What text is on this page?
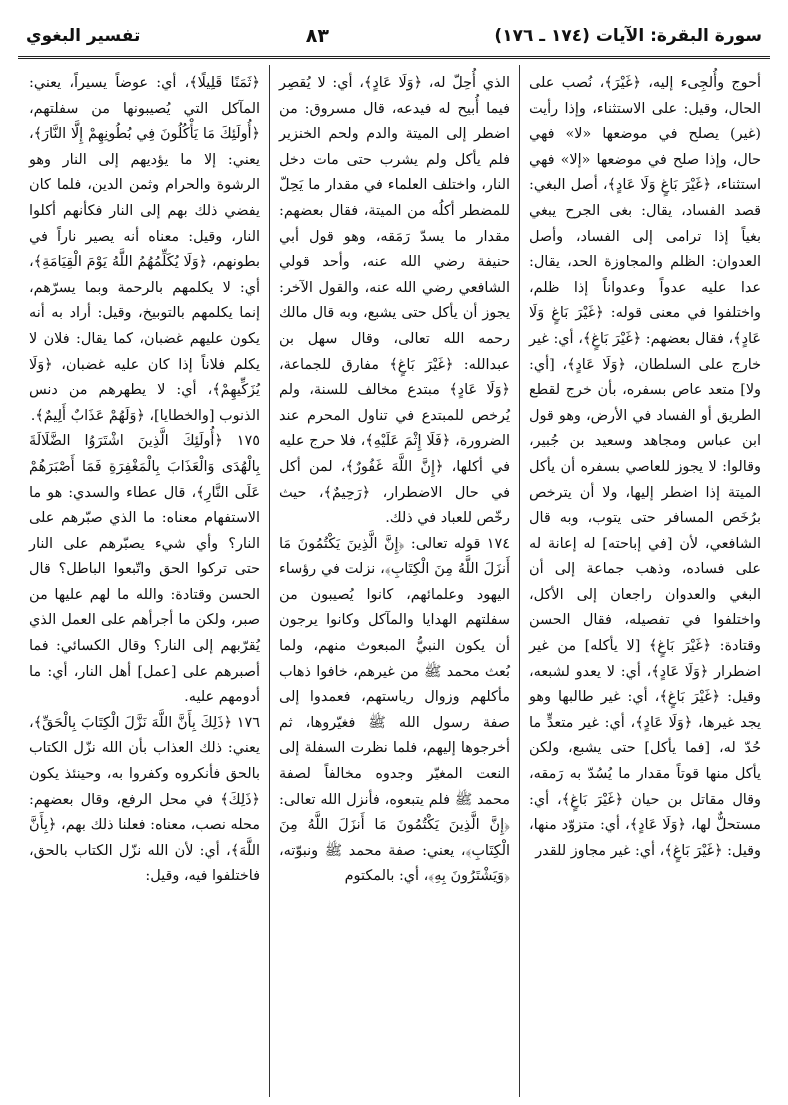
سورة البقرة: الآيات (١٧٤ ـ ١٧٦)
٨٣
تفسير البغوي

أحوج وأُلجِىء إليه، ﴿غَيْرَ﴾، نُصب على الحال، وقيل: على الاستثناء، وإذا رأيت (غير) يصلح في موضعها «لا» فهي حال، وإذا صلح في موضعها «إلا» فهي استثناء، ﴿غَيْرَ بَاغٍ وَلَا عَادٍ﴾، أصل البغي: قصد الفساد، يقال: بغى الجرح يبغي بغياً إذا ترامى إلى الفساد، وأصل العدوان: الظلم والمجاوزة الحد، يقال: عدا عليه عدواً وعدواناً إذا ظلم، واختلفوا في معنى قوله: ﴿غَيْرَ بَاغٍ وَلَا عَادٍ﴾، فقال بعضهم: ﴿غَيْرَ بَاغٍ﴾، أي: غير خارج على السلطان، ﴿وَلَا عَادٍ﴾، [أي: ولا] متعد عاص بسفره، بأن خرج لقطع الطريق أو الفساد في الأرض، وهو قول ابن عباس ومجاهد وسعيد بن جُبير، وقالوا: لا يجوز للعاصي بسفره أن يأكل الميتة إذا اضطر إليها، ولا أن يترخص برُخَص المسافر حتى يتوب، وبه قال الشافعي، لأن [في إباحته] له إعانة له على فساده، وذهب جماعة إلى أن البغي والعدوان راجعان إلى الأكل، واختلفوا في تفصيله، فقال الحسن وقتادة: ﴿غَيْرَ بَاغٍ﴾ [لا يأكله] من غير اضطرار ﴿وَلَا عَادٍ﴾، أي: لا يعدو لشبعه، وقيل: ﴿غَيْرَ بَاغٍ﴾، أي: غير طالبها وهو يجد غيرها، ﴿وَلَا عَادٍ﴾، أي: غير متعدٍّ ما حُدّ له، [فما يأكل] حتى يشبع، ولكن يأكل منها قوتاً مقدار ما يُسُدّ به رَمقه، وقال مقاتل بن حيان ﴿غَيْرَ بَاغٍ﴾، أي: مستحلٌّ لها، ﴿وَلَا عَادٍ﴾، أي: متزوّد منها، وقيل: ﴿غَيْرَ بَاغٍ﴾، أي: غير مجاوز للقدر

الذي أُحِلّ له، ﴿وَلَا عَادٍ﴾، أي: لا يُقصِر فيما أُبيح له فيدعه، قال مسروق: من اضطر إلى الميتة والدم ولحم الخنزير فلم يأكل ولم يشرب حتى مات دخل النار، واختلف العلماء في مقدار ما يَحِلّ للمضطر أكلُه من الميتة، فقال بعضهم: مقدار ما يسدّ رَمَقه، وهو قول أبي حنيفة رضي الله عنه، وأحد قولي الشافعي رضي الله عنه، والقول الآخر: يجوز أن يأكل حتى يشبع، وبه قال مالك رحمه الله تعالى، وقال سهل بن عبدالله: ﴿غَيْرَ بَاغٍ﴾ مفارق للجماعة، ﴿وَلَا عَادٍ﴾ مبتدع مخالف للسنة، ولم يُرخص للمبتدع في تناول المحرم عند الضرورة، ﴿فَلَا إِثْمَ عَلَيْهِ﴾، فلا حرج عليه في أكلها، ﴿إِنَّ اللَّهَ غَفُورٌ﴾، لمن أكل في حال الاضطرار، ﴿رَحِيمٌ﴾، حيث رخّص للعباد في ذلك.

١٧٤ قوله تعالى: ﴿إِنَّ الَّذِينَ يَكْتُمُونَ مَا أَنزَلَ اللَّهُ مِنَ الْكِتَابِ﴾، نزلت في رؤساء اليهود وعلمائهم، كانوا يُصيبون من سفلتهم الهدايا والمآكل وكانوا يرجون أن يكون النبيُّ المبعوث منهم، ولما بُعث محمد ﷺ من غيرهم، خافوا ذهاب مأكلهم وزوال رياستهم، فعمدوا إلى صفة رسول الله ﷺ فغيّروها، ثم أخرجوها إليهم، فلما نظرت السفلة إلى النعت المغيّر وجدوه مخالفاً لصفة محمد ﷺ فلم يتبعوه، فأنزل الله تعالى: ﴿إِنَّ الَّذِينَ يَكْتُمُونَ مَا أَنزَلَ اللَّهُ مِنَ الْكِتَابِ﴾، يعني: صفة محمد ﷺ ونبوّته، ﴿وَيَشْتَرُونَ بِهِ﴾، أي: بالمكتوم

﴿ثَمَنًا قَلِيلًا﴾، أي: عوضاً يسيراً، يعني: المآكل التي يُصيبونها من سفلتهم، ﴿أُولَئِكَ مَا يَأْكُلُونَ فِي بُطُونِهِمْ إِلَّا النَّارَ﴾، يعني: إلا ما يؤديهم إلى النار وهو الرشوة والحرام وثمن الدين، فلما كان يفضي ذلك بهم إلى النار فكأنهم أكلوا النار، وقيل: معناه أنه يصير ناراً في بطونهم، ﴿وَلَا يُكَلِّمُهُمُ اللَّهُ يَوْمَ الْقِيَامَةِ﴾، أي: لا يكلمهم بالرحمة وبما يسرّهم، إنما يكلمهم بالتوبيخ، وقيل: أراد به أنه يكون عليهم غضبان، كما يقال: فلان لا يكلم فلاناً إذا كان عليه غضبان، ﴿وَلَا يُزَكِّيهِمْ﴾، أي: لا يطهرهم من دنس الذنوب [والخطايا]، ﴿وَلَهُمْ عَذَابٌ أَلِيمٌ﴾.

١٧٥ ﴿أُولَئِكَ الَّذِينَ اشْتَرَوُا الضَّلَالَةَ بِالْهُدَى وَالْعَذَابَ بِالْمَغْفِرَةِ فَمَا أَصْبَرَهُمْ عَلَى النَّارِ﴾، قال عطاء والسدي: هو ما الاستفهام معناه: ما الذي صبّرهم على النار؟ وأي شيء يصبّرهم على النار حتى تركوا الحق واتّبعوا الباطل؟ قال الحسن وقتادة: والله ما لهم عليها من صبر، ولكن ما أجرأهم على العمل الذي يُقرّبهم إلى النار؟ وقال الكسائي: فما أصبرهم على [عمل] أهل النار، أي: ما أدومهم عليه.

١٧٦ ﴿ذَلِكَ بِأَنَّ اللَّهَ نَزَّلَ الْكِتَابَ بِالْحَقِّ﴾، يعني: ذلك العذاب بأن الله نزّل الكتاب بالحق فأنكروه وكفروا به، وحينئذ يكون ﴿ذَلِكَ﴾ في محل الرفع، وقال بعضهم: محله نصب، معناه: فعلنا ذلك بهم، ﴿بِأَنَّ اللَّهَ﴾، أي: لأن الله نزّل الكتاب بالحق، فاختلفوا فيه، وقيل:
